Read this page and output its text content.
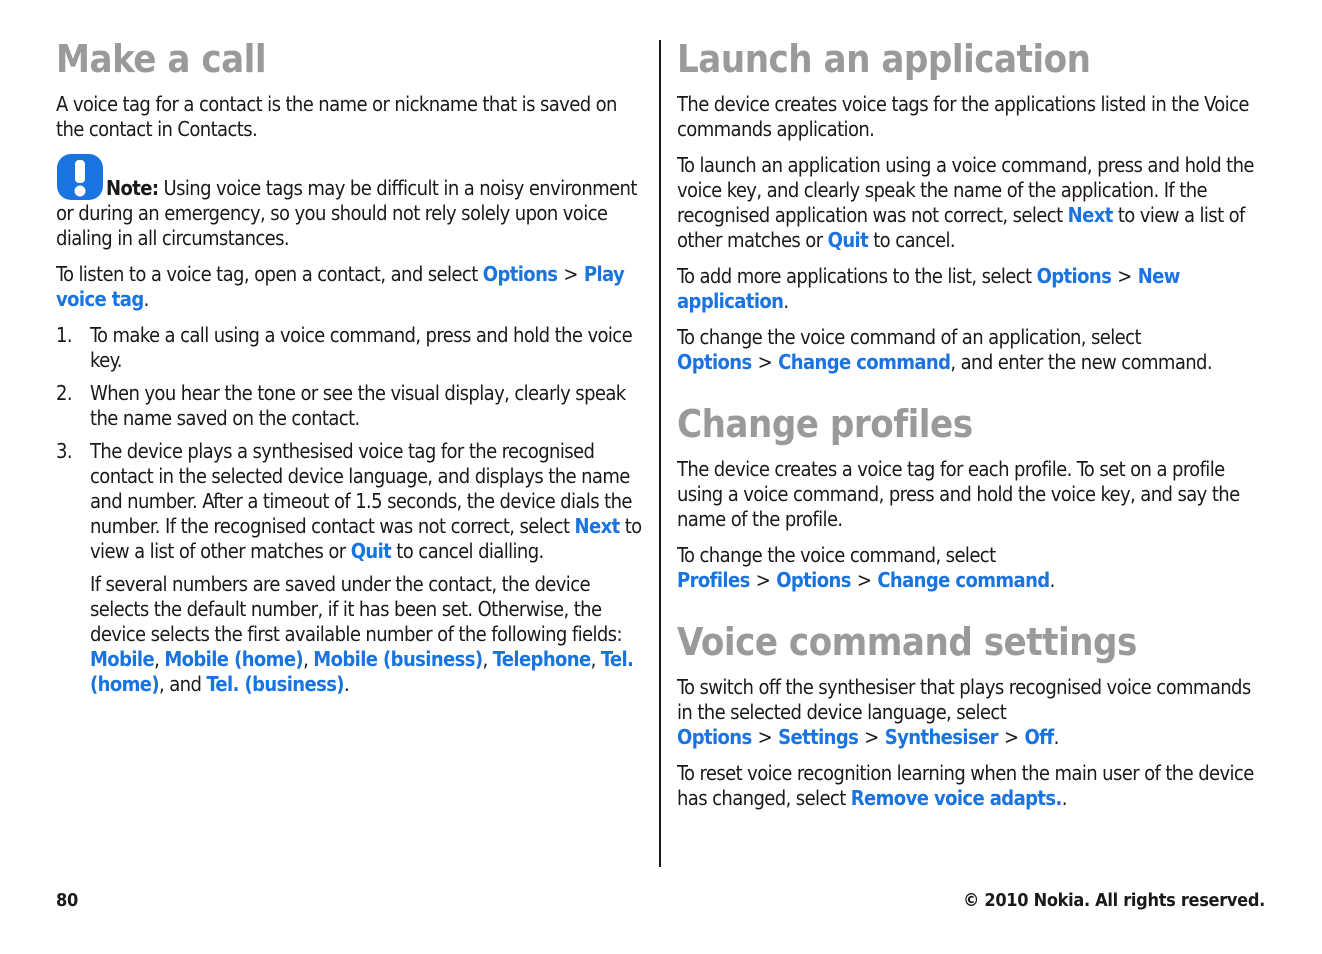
Make a call

A voice tag for a contact is the name or nickname that is saved on the contact in Contacts.

Note: Using voice tags may be difficult in a noisy environment or during an emergency, so you should not rely solely upon voice dialing in all circumstances.

To listen to a voice tag, open a contact, and select Options > Play voice tag.

1. To make a call using a voice command, press and hold the voice key.
2. When you hear the tone or see the visual display, clearly speak the name saved on the contact.
3. The device plays a synthesised voice tag for the recognised contact in the selected device language, and displays the name and number. After a timeout of 1.5 seconds, the device dials the number. If the recognised contact was not correct, select Next to view a list of other matches or Quit to cancel dialling.

If several numbers are saved under the contact, the device selects the default number, if it has been set. Otherwise, the device selects the first available number of the following fields: Mobile, Mobile (home), Mobile (business), Telephone, Tel. (home), and Tel. (business).

Launch an application

The device creates voice tags for the applications listed in the Voice commands application.

To launch an application using a voice command, press and hold the voice key, and clearly speak the name of the application. If the recognised application was not correct, select Next to view a list of other matches or Quit to cancel.

To add more applications to the list, select Options > New application.

To change the voice command of an application, select Options > Change command, and enter the new command.

Change profiles

The device creates a voice tag for each profile. To set on a profile using a voice command, press and hold the voice key, and say the name of the profile.

To change the voice command, select Profiles > Options > Change command.

Voice command settings

To switch off the synthesiser that plays recognised voice commands in the selected device language, select Options > Settings > Synthesiser > Off.

To reset voice recognition learning when the main user of the device has changed, select Remove voice adapts..

80	© 2010 Nokia. All rights reserved.
